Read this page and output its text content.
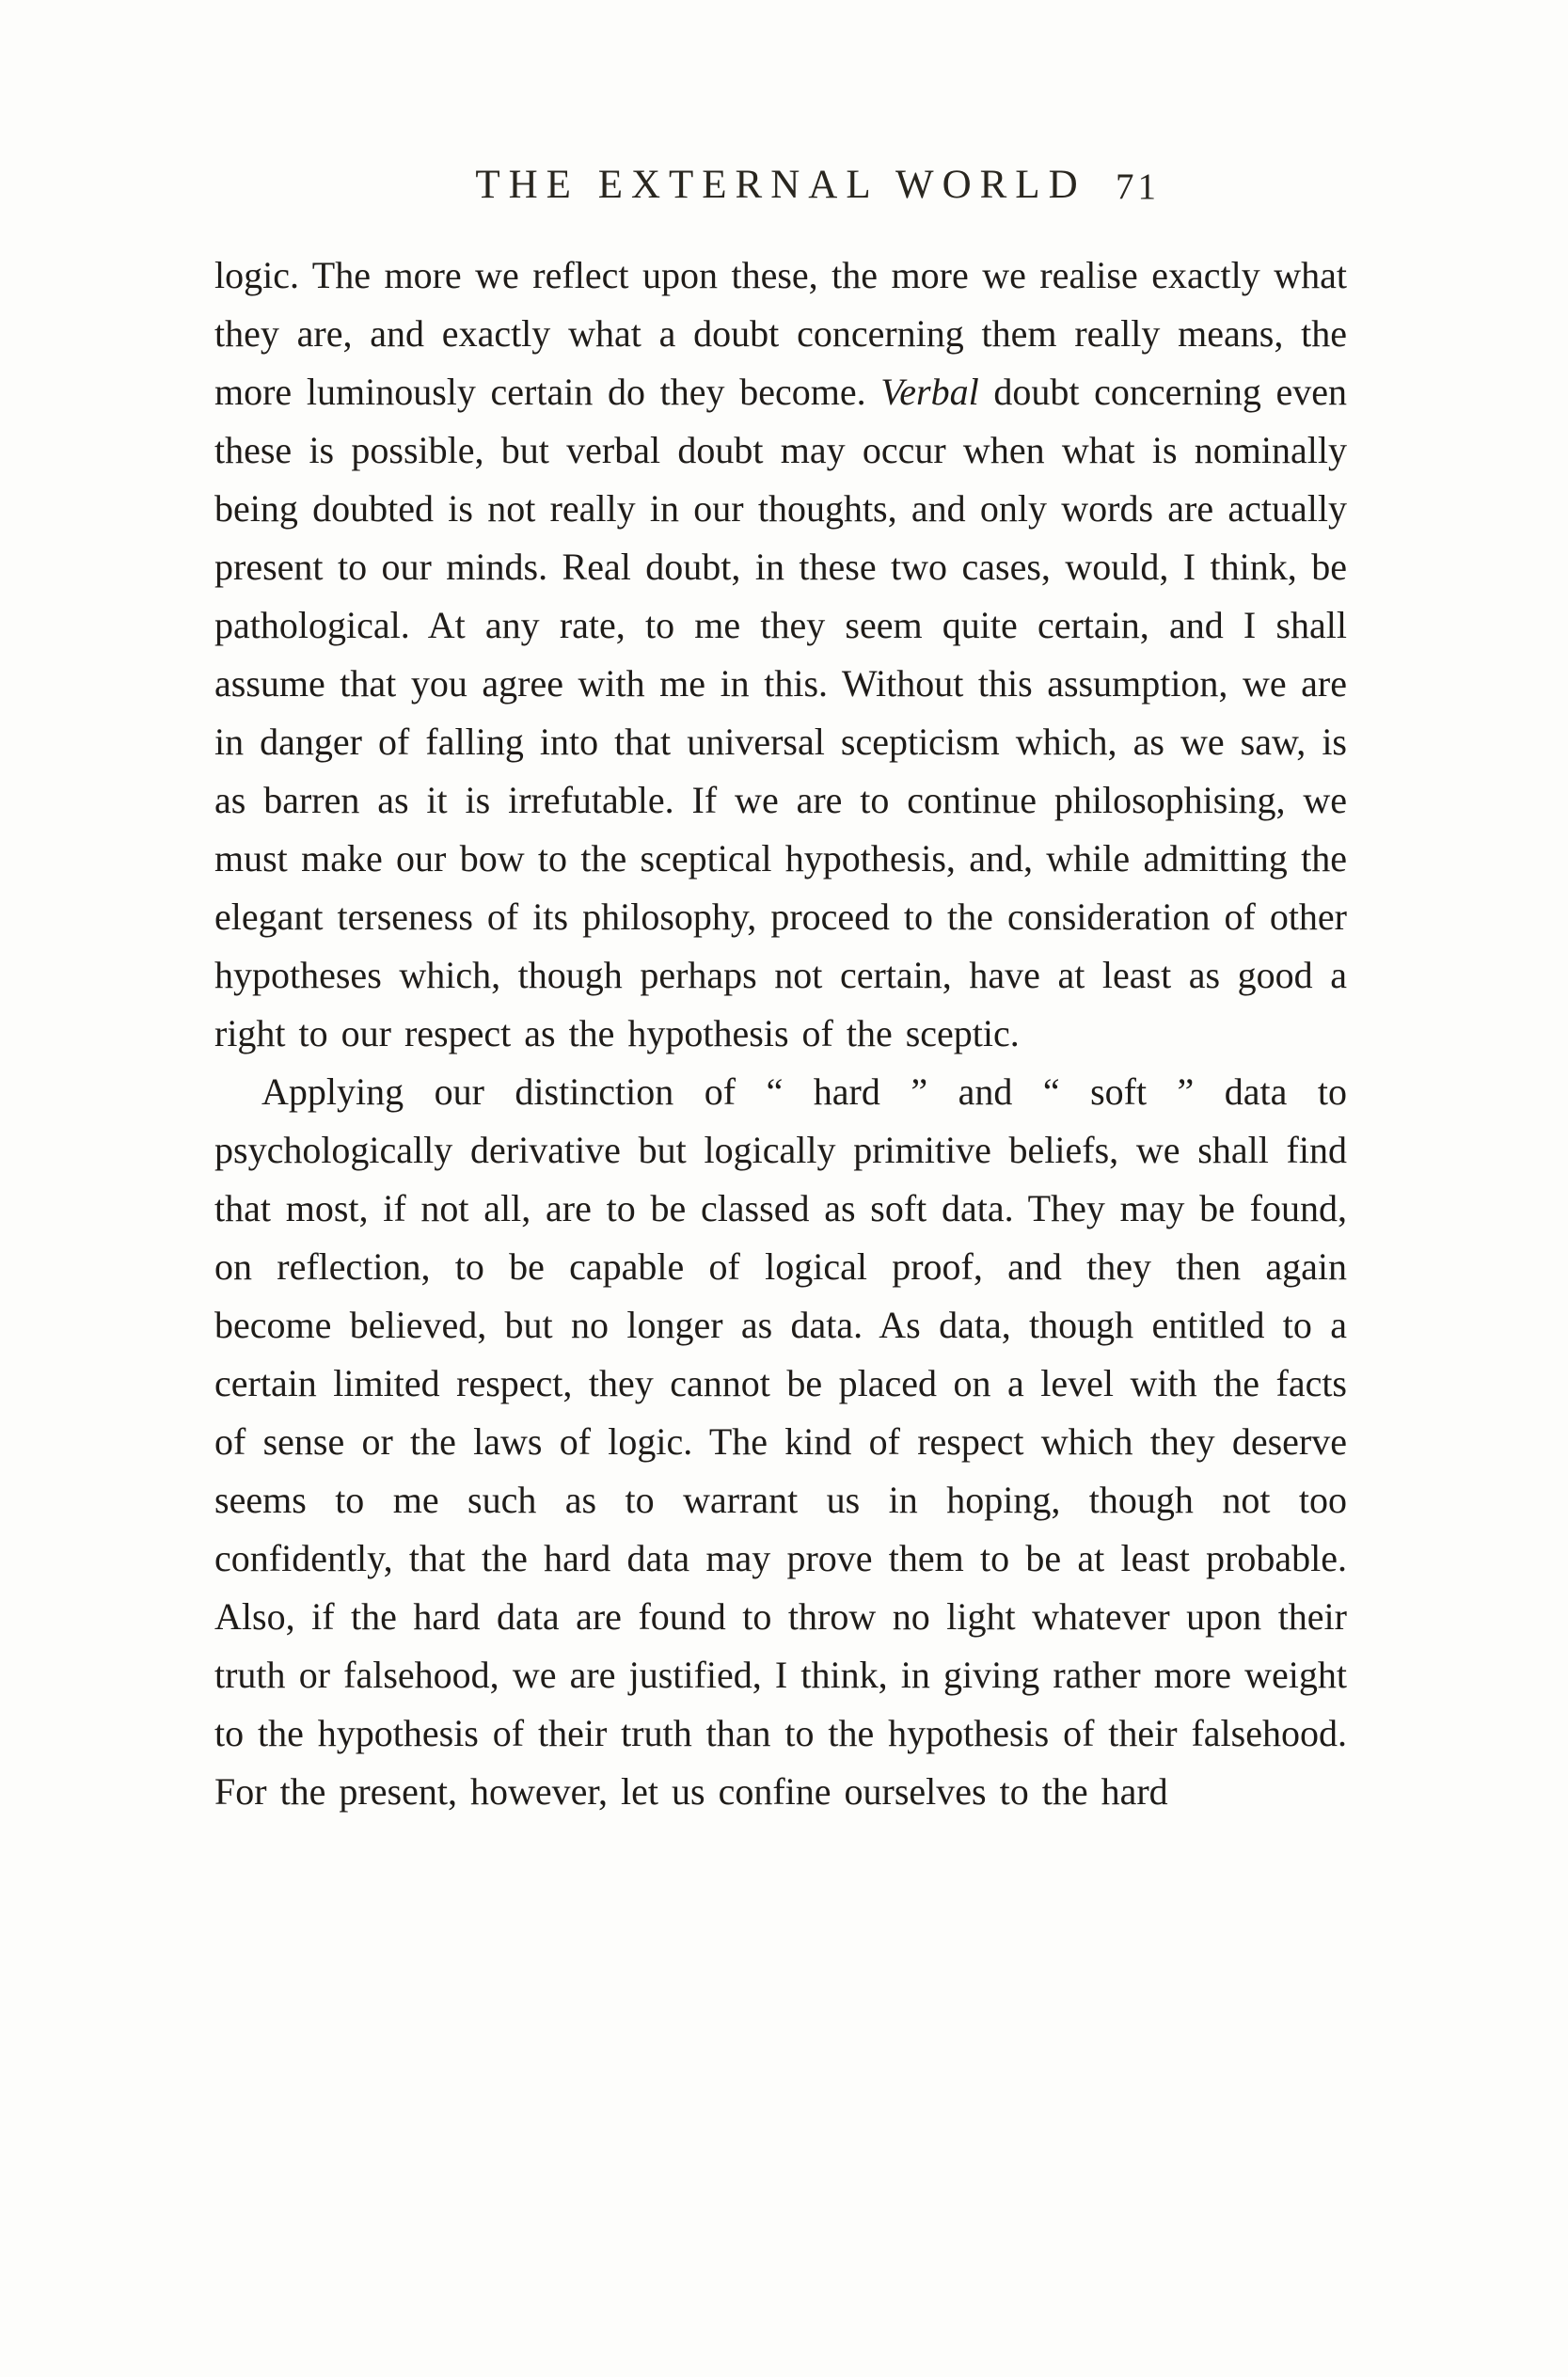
THE EXTERNAL WORLD 71

logic. The more we reflect upon these, the more we realise exactly what they are, and exactly what a doubt concerning them really means, the more luminously certain do they become. Verbal doubt concerning even these is possible, but verbal doubt may occur when what is nominally being doubted is not really in our thoughts, and only words are actually present to our minds. Real doubt, in these two cases, would, I think, be pathological. At any rate, to me they seem quite certain, and I shall assume that you agree with me in this. Without this assumption, we are in danger of falling into that universal scepticism which, as we saw, is as barren as it is irrefutable. If we are to continue philosophising, we must make our bow to the sceptical hypothesis, and, while admitting the elegant terseness of its philosophy, proceed to the consideration of other hypotheses which, though perhaps not certain, have at least as good a right to our respect as the hypothesis of the sceptic.

Applying our distinction of “ hard ” and “ soft ” data to psychologically derivative but logically primitive beliefs, we shall find that most, if not all, are to be classed as soft data. They may be found, on reflection, to be capable of logical proof, and they then again become believed, but no longer as data. As data, though entitled to a certain limited respect, they cannot be placed on a level with the facts of sense or the laws of logic. The kind of respect which they deserve seems to me such as to warrant us in hoping, though not too confidently, that the hard data may prove them to be at least probable. Also, if the hard data are found to throw no light whatever upon their truth or falsehood, we are justified, I think, in giving rather more weight to the hypothesis of their truth than to the hypothesis of their falsehood. For the present, however, let us confine ourselves to the hard
